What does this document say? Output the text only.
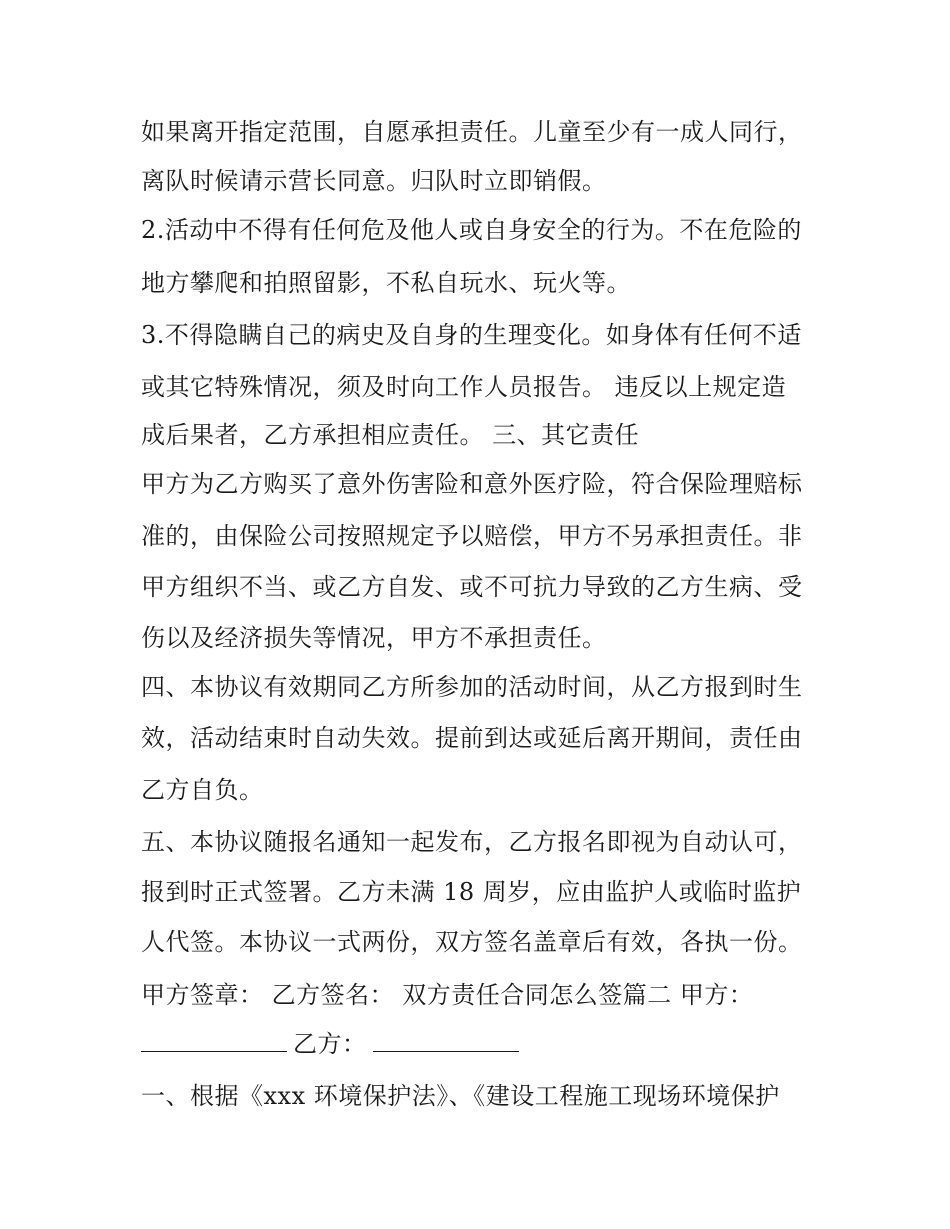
如果离开指定范围，自愿承担责任。儿童至少有一成人同行，
离队时候请示营长同意。归队时立即销假。
2.活动中不得有任何危及他人或自身安全的行为。不在危险的
地方攀爬和拍照留影，不私自玩水、玩火等。
3.不得隐瞒自己的病史及自身的生理变化。如身体有任何不适
或其它特殊情况，须及时向工作人员报告。 违反以上规定造
成后果者，乙方承担相应责任。 三、其它责任
甲方为乙方购买了意外伤害险和意外医疗险，符合保险理赔标
准的，由保险公司按照规定予以赔偿，甲方不另承担责任。非
甲方组织不当、或乙方自发、或不可抗力导致的乙方生病、受
伤以及经济损失等情况，甲方不承担责任。
四、本协议有效期同乙方所参加的活动时间，从乙方报到时生
效，活动结束时自动失效。提前到达或延后离开期间，责任由
乙方自负。
五、本协议随报名通知一起发布，乙方报名即视为自动认可，
报到时正式签署。乙方未满 18 周岁，应由监护人或临时监护
人代签。本协议一式两份，双方签名盖章后有效，各执一份。
甲方签章： 乙方签名： 双方责任合同怎么签篇二 甲方：
乙方：
一、根据《xxx 环境保护法》、《建设工程施工现场环境保护
